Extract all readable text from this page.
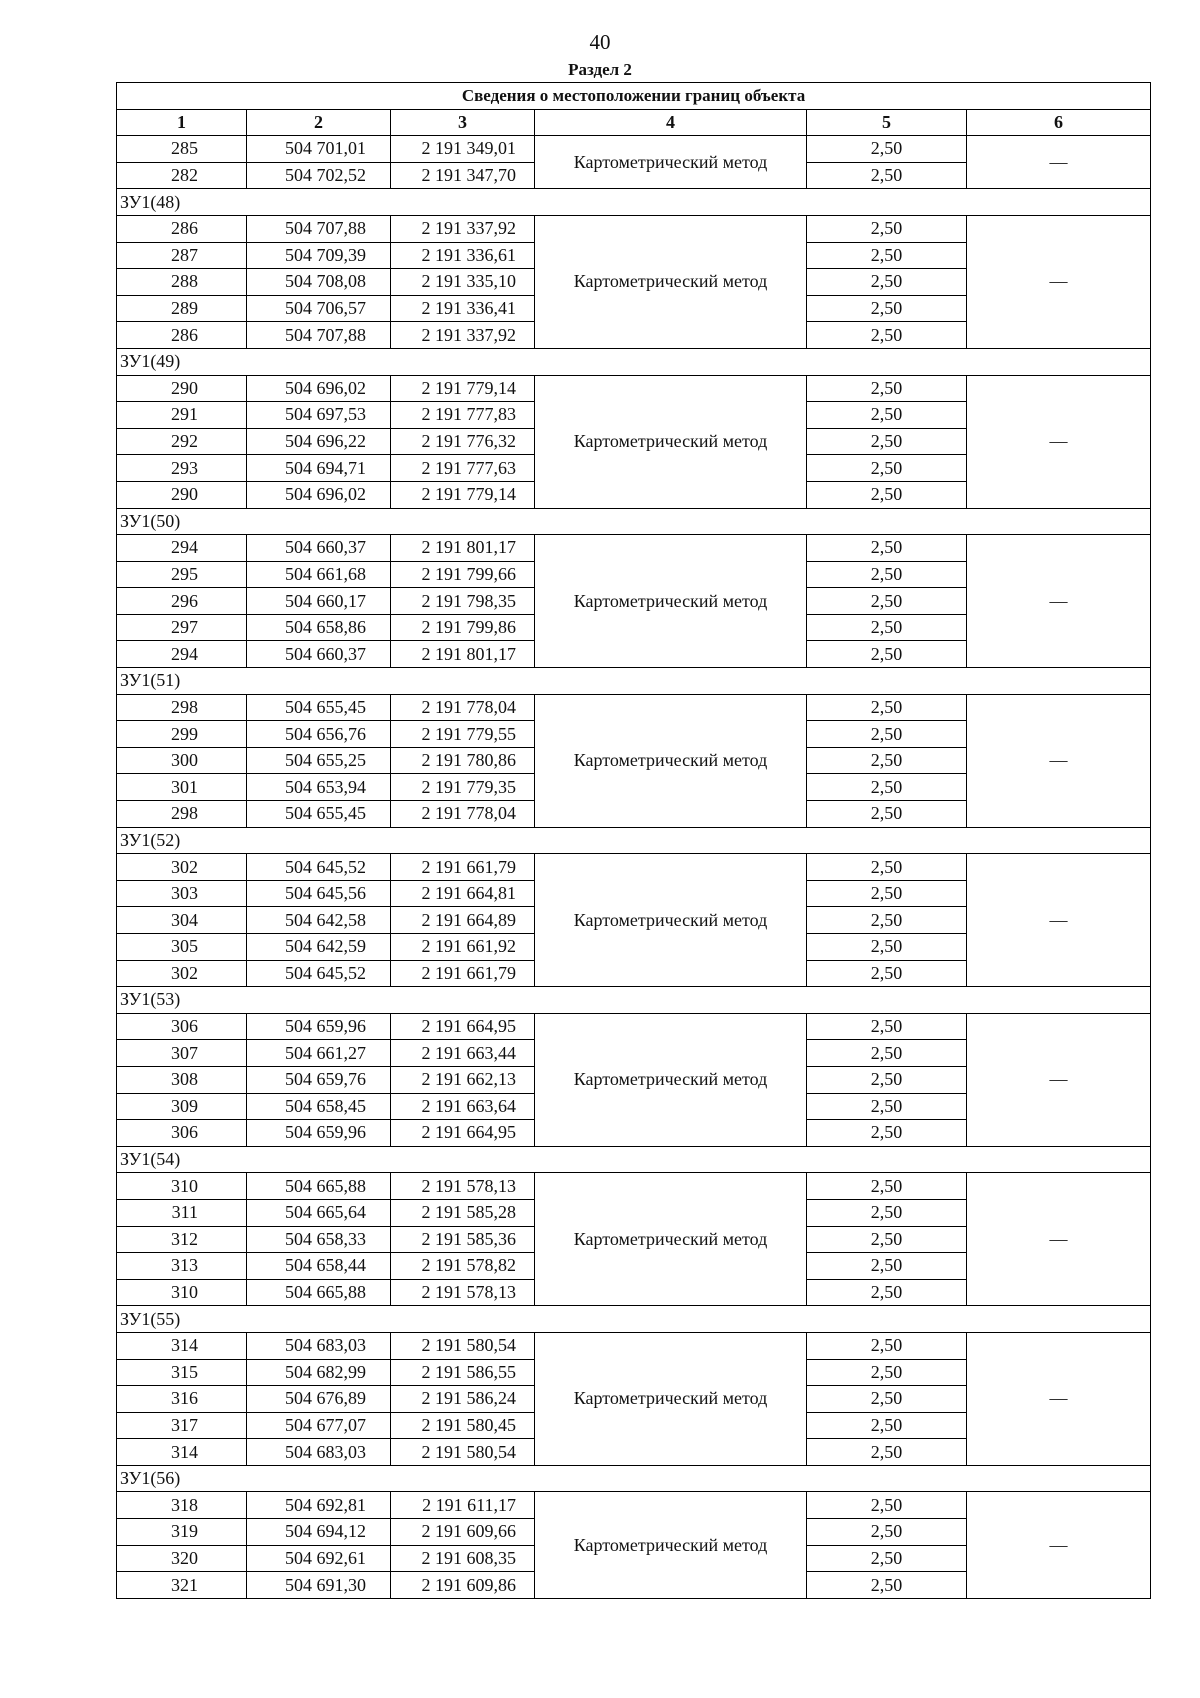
40
Раздел 2
Сведения о местоположении границ объекта					
1	2	3	4	5	6
285	504 701,01	2 191 349,01	Картометрический метод	2,50	—
282	504 702,52	2 191 347,70		2,50	
ЗУ1(48)					
286	504 707,88	2 191 337,92	Картометрический метод	2,50	—
287	504 709,39	2 191 336,61		2,50	
288	504 708,08	2 191 335,10		2,50	
289	504 706,57	2 191 336,41		2,50	
286	504 707,88	2 191 337,92		2,50	
ЗУ1(49)					
290	504 696,02	2 191 779,14	Картометрический метод	2,50	—
291	504 697,53	2 191 777,83		2,50	
292	504 696,22	2 191 776,32		2,50	
293	504 694,71	2 191 777,63		2,50	
290	504 696,02	2 191 779,14		2,50	
ЗУ1(50)					
294	504 660,37	2 191 801,17	Картометрический метод	2,50	—
295	504 661,68	2 191 799,66		2,50	
296	504 660,17	2 191 798,35		2,50	
297	504 658,86	2 191 799,86		2,50	
294	504 660,37	2 191 801,17		2,50	
ЗУ1(51)					
298	504 655,45	2 191 778,04	Картометрический метод	2,50	—
299	504 656,76	2 191 779,55		2,50	
300	504 655,25	2 191 780,86		2,50	
301	504 653,94	2 191 779,35		2,50	
298	504 655,45	2 191 778,04		2,50	
ЗУ1(52)					
302	504 645,52	2 191 661,79	Картометрический метод	2,50	—
303	504 645,56	2 191 664,81		2,50	
304	504 642,58	2 191 664,89		2,50	
305	504 642,59	2 191 661,92		2,50	
302	504 645,52	2 191 661,79		2,50	
ЗУ1(53)					
306	504 659,96	2 191 664,95	Картометрический метод	2,50	—
307	504 661,27	2 191 663,44		2,50	
308	504 659,76	2 191 662,13		2,50	
309	504 658,45	2 191 663,64		2,50	
306	504 659,96	2 191 664,95		2,50	
ЗУ1(54)					
310	504 665,88	2 191 578,13	Картометрический метод	2,50	—
311	504 665,64	2 191 585,28		2,50	
312	504 658,33	2 191 585,36		2,50	
313	504 658,44	2 191 578,82		2,50	
310	504 665,88	2 191 578,13		2,50	
ЗУ1(55)					
314	504 683,03	2 191 580,54	Картометрический метод	2,50	—
315	504 682,99	2 191 586,55		2,50	
316	504 676,89	2 191 586,24		2,50	
317	504 677,07	2 191 580,45		2,50	
314	504 683,03	2 191 580,54		2,50	
ЗУ1(56)					
318	504 692,81	2 191 611,17	Картометрический метод	2,50	—
319	504 694,12	2 191 609,66		2,50	
320	504 692,61	2 191 608,35		2,50	
321	504 691,30	2 191 609,86		2,50	
